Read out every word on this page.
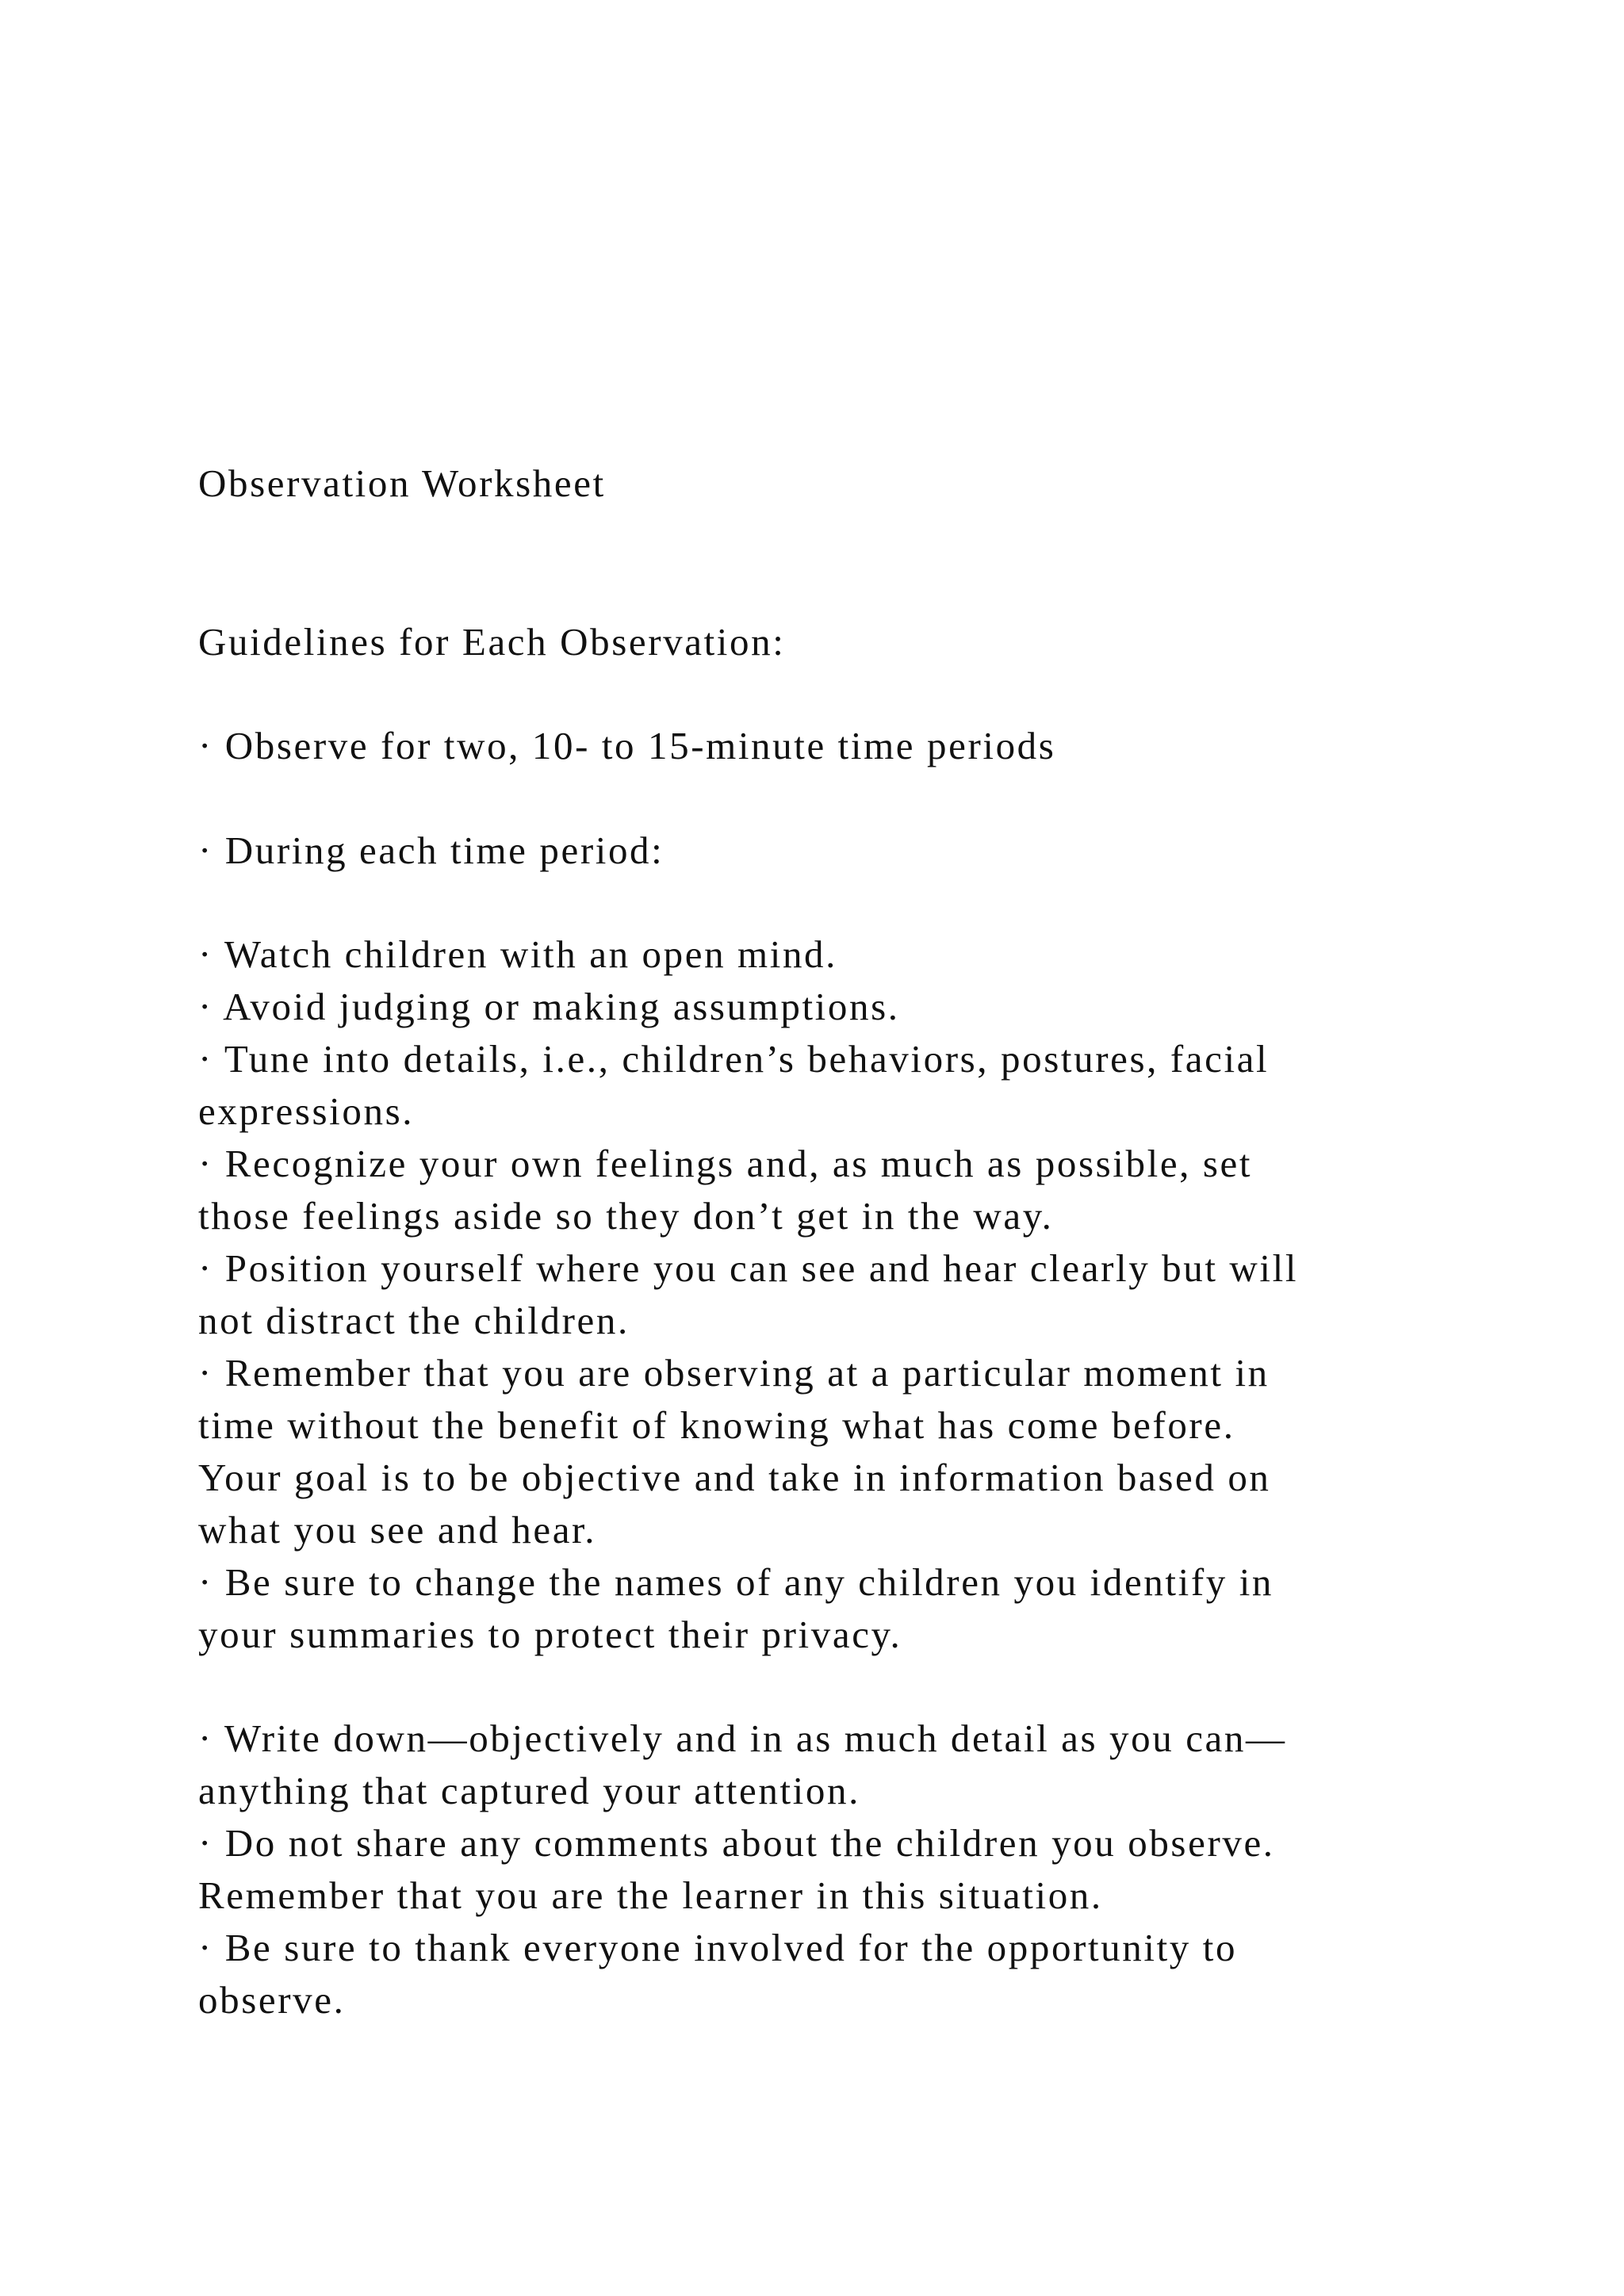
Observation Worksheet

Guidelines for Each Observation:

· Observe for two, 10- to 15-minute time periods

· During each time period:

· Watch children with an open mind.

· Avoid judging or making assumptions.

· Tune into details, i.e., children’s behaviors, postures, facial

expressions.

· Recognize your own feelings and, as much as possible, set

those feelings aside so they don’t get in the way.

· Position yourself where you can see and hear clearly but will

not distract the children.

· Remember that you are observing at a particular moment in

time without the benefit of knowing what has come before.

Your goal is to be objective and take in information based on

what you see and hear.

· Be sure to change the names of any children you identify in

your summaries to protect their privacy.

· Write down—objectively and in as much detail as you can—

anything that captured your attention.

· Do not share any comments about the children you observe.

Remember that you are the learner in this situation.

· Be sure to thank everyone involved for the opportunity to

observe.
